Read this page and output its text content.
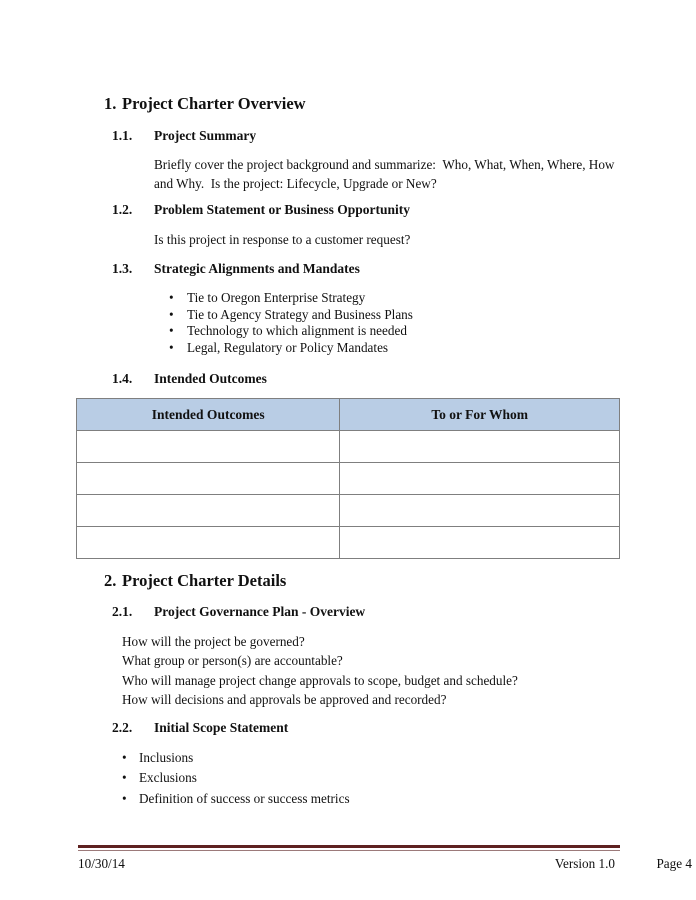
1. Project Charter Overview
1.1. Project Summary
Briefly cover the project background and summarize:  Who, What, When, Where, How and Why.  Is the project: Lifecycle, Upgrade or New?
1.2. Problem Statement or Business Opportunity
Is this project in response to a customer request?
1.3. Strategic Alignments and Mandates
• Tie to Oregon Enterprise Strategy
• Tie to Agency Strategy and Business Plans
• Technology to which alignment is needed
• Legal, Regulatory or Policy Mandates
1.4. Intended Outcomes
Intended Outcomes	To or For Whom

2. Project Charter Details
2.1. Project Governance Plan - Overview
How will the project be governed?
What group or person(s) are accountable?
Who will manage project change approvals to scope, budget and schedule?
How will decisions and approvals be approved and recorded?
2.2. Initial Scope Statement
• Inclusions
• Exclusions
• Definition of success or success metrics
10/30/14	Version 1.0	Page 4
